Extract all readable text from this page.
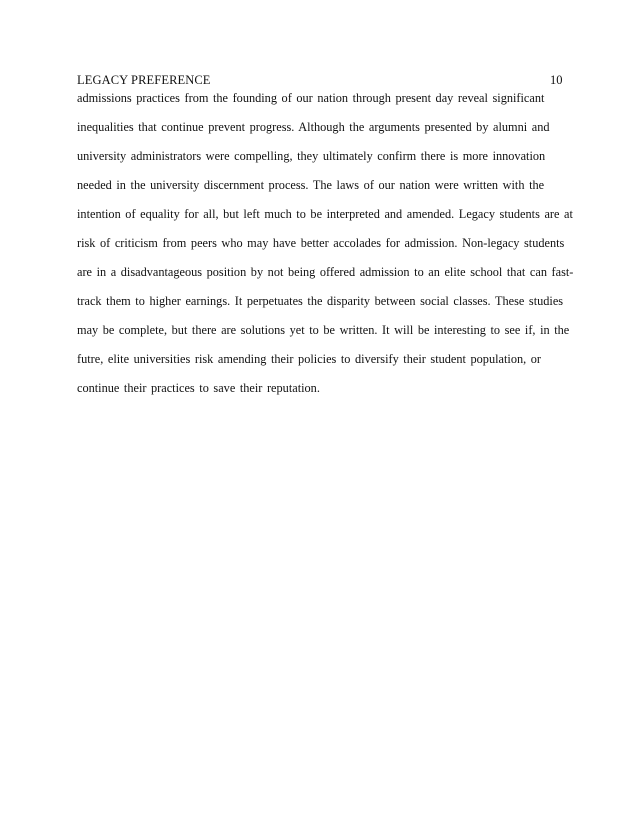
LEGACY PREFERENCE	10
admissions practices from the founding of our nation through present day reveal significant
inequalities that continue prevent progress. Although the arguments presented by alumni and
university administrators were compelling, they ultimately confirm there is more innovation
needed in the university discernment process. The laws of our nation were written with the
intention of equality for all, but left much to be interpreted and amended. Legacy students are at
risk of criticism from peers who may have better accolades for admission. Non-legacy students
are in a disadvantageous position by not being offered admission to an elite school that can fast-
track them to higher earnings. It perpetuates the disparity between social classes. These studies
may be complete, but there are solutions yet to be written. It will be interesting to see if, in the
futre, elite universities risk amending their policies to diversify their student population, or
continue their practices to save their reputation.
